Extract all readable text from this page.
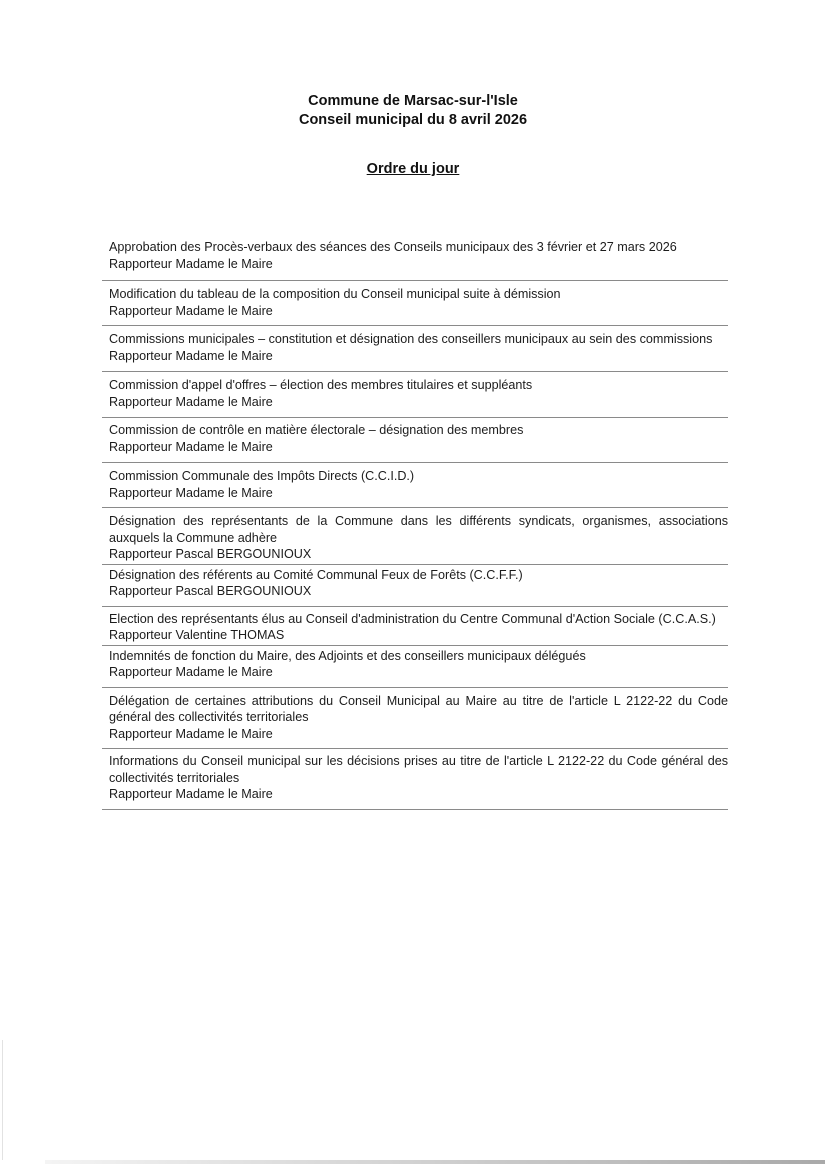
Commune de Marsac-sur-l'Isle
Conseil municipal du 8 avril 2026
Ordre du jour
Approbation des Procès-verbaux des séances des Conseils municipaux des 3 février et 27 mars 2026
Rapporteur Madame le Maire
Modification du tableau de la composition du Conseil municipal suite à démission
Rapporteur Madame le Maire
Commissions municipales – constitution et désignation des conseillers municipaux au sein des commissions
Rapporteur Madame le Maire
Commission d'appel d'offres – élection des membres titulaires et suppléants
Rapporteur Madame le Maire
Commission de contrôle en matière électorale – désignation des membres
Rapporteur Madame le Maire
Commission Communale des Impôts Directs (C.C.I.D.)
Rapporteur Madame le Maire
Désignation des représentants de la Commune dans les différents syndicats, organismes, associations auxquels la Commune adhère
Rapporteur Pascal BERGOUNIOUX
Désignation des référents au Comité Communal Feux de Forêts (C.C.F.F.)
Rapporteur Pascal BERGOUNIOUX
Election des représentants élus au Conseil d'administration du Centre Communal d'Action Sociale (C.C.A.S.)
Rapporteur Valentine THOMAS
Indemnités de fonction du Maire, des Adjoints et des conseillers municipaux délégués
Rapporteur Madame le Maire
Délégation de certaines attributions du Conseil Municipal au Maire au titre de l'article L 2122-22 du Code général des collectivités territoriales
Rapporteur Madame le Maire
Informations du Conseil municipal sur les décisions prises au titre de l'article L 2122-22 du Code général des collectivités territoriales
Rapporteur Madame le Maire
